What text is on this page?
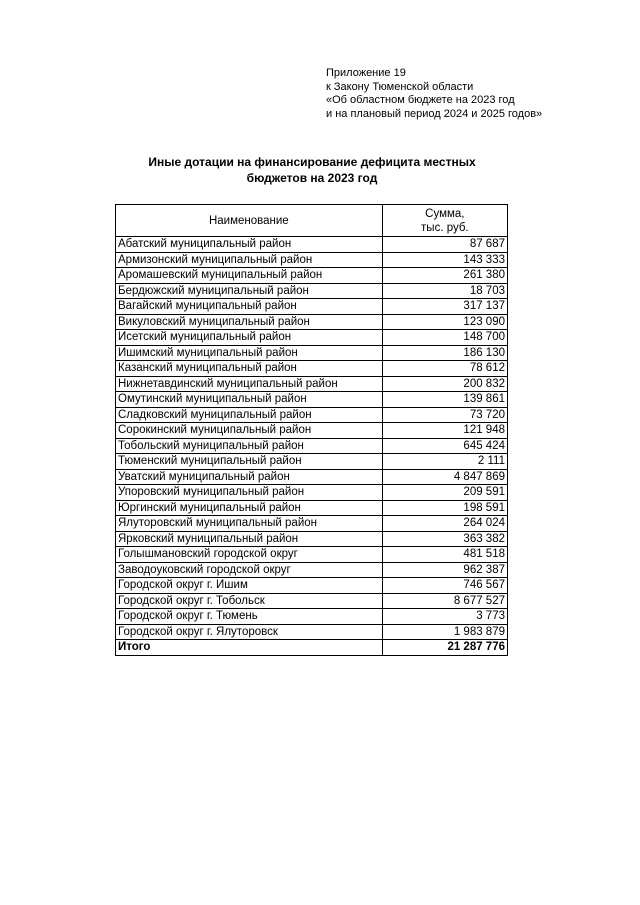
Приложение 19
к Закону Тюменской области
«Об областном бюджете на 2023 год
и на плановый период 2024 и 2025 годов»
Иные дотации на финансирование дефицита местных
бюджетов на 2023 год
Наименование	Сумма,
тыс. руб.

Абатский муниципальный район	87 687
Армизонский муниципальный район	143 333
Аромашевский муниципальный район	261 380
Бердюжский муниципальный район	18 703
Вагайский муниципальный район	317 137
Викуловский муниципальный район	123 090
Исетский муниципальный район	148 700
Ишимский муниципальный район	186 130
Казанский муниципальный район	78 612
Нижнетавдинский муниципальный район	200 832
Омутинский муниципальный район	139 861
Сладковский муниципальный район	73 720
Сорокинский муниципальный район	121 948
Тобольский муниципальный район	645 424
Тюменский муниципальный район	2 111
Уватский муниципальный район	4 847 869
Упоровский муниципальный район	209 591
Юргинский муниципальный район	198 591
Ялуторовский муниципальный район	264 024
Ярковский муниципальный район	363 382
Голышмановский городской округ	481 518
Заводоуковский городской округ	962 387
Городской округ г. Ишим	746 567
Городской округ г. Тобольск	8 677 527
Городской округ г. Тюмень	3 773
Городской округ г. Ялуторовск	1 983 879
Итого	21 287 776
